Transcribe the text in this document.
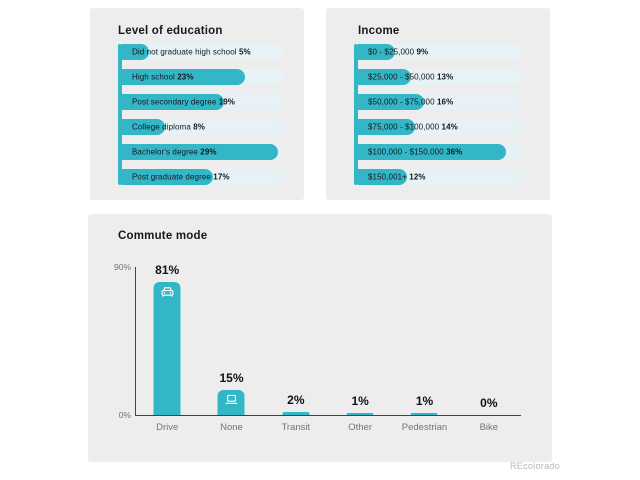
Level of education
Did not graduate high school 5%
High school 23%
Post secondary degree 19%
College diploma 8%
Bachelor's degree 29%
Post graduate degree 17%
Income
$0 - $25,000 9%
$25,000 - $50,000 13%
$50,000 - $75,000 16%
$75,000 - $100,000 14%
$100,000 - $150,000 36%
$150,001+ 12%
Commute mode
90%
0%
81%
Drive
15%
None
2%
Transit
1%
Other
1%
Pedestrian
0%
Bike
REcolorado
